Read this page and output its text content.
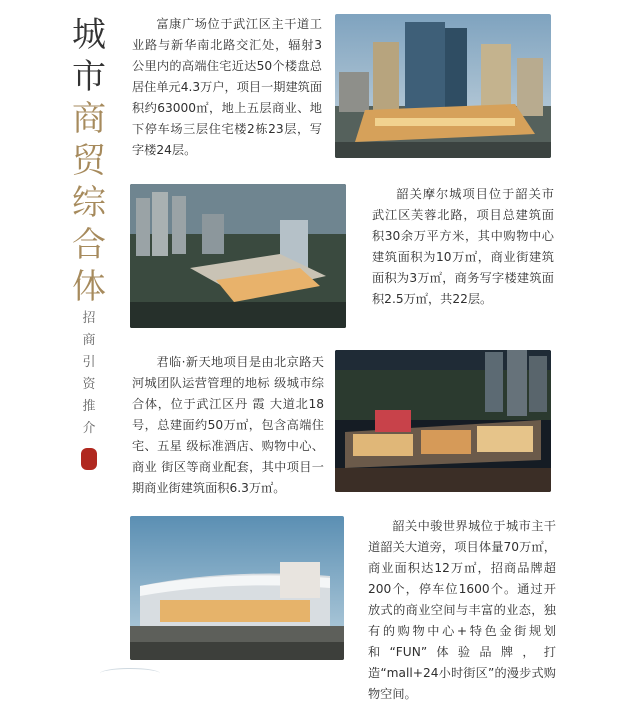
城
市
商
贸
综
合
体
招
商
引
资
推
介

富康广场位于武江区主干道工业路与新华南北路交汇处，辐射3公里内的高端住宅近达50个楼盘总居住单元4.3万户，项目一期建筑面积约63000㎡，地上五层商业、地下停车场三层住宅楼2栋23层，写字楼24层。

韶关摩尔城项目位于韶关市武江区芙蓉北路，项目总建筑面积30余万平方米，其中购物中心建筑面积为10万㎡，商业街建筑面积为3万㎡，商务写字楼建筑面积2.5万㎡，共22层。

君临·新天地项目是由北京路天河城团队运营管理的地标 级城市综合体，位于武江区丹 霞 大道北18号，总建面约50万㎡，包含高端住宅、五星 级标准酒店、购物中心、商业 街区等商业配套，其中项目一 期商业街建筑面积6.3万㎡。

韶关中骏世界城位于城市主干道韶关大道旁，项目体量70万㎡，商业面积达12万㎡，招商品牌超200个，停车位1600个。通过开放式的商业空间与丰富的业态，独有的购物中心+特色金街规划和“FUN”体验品牌，打造“mall+24小时街区”的漫步式购物空间。
